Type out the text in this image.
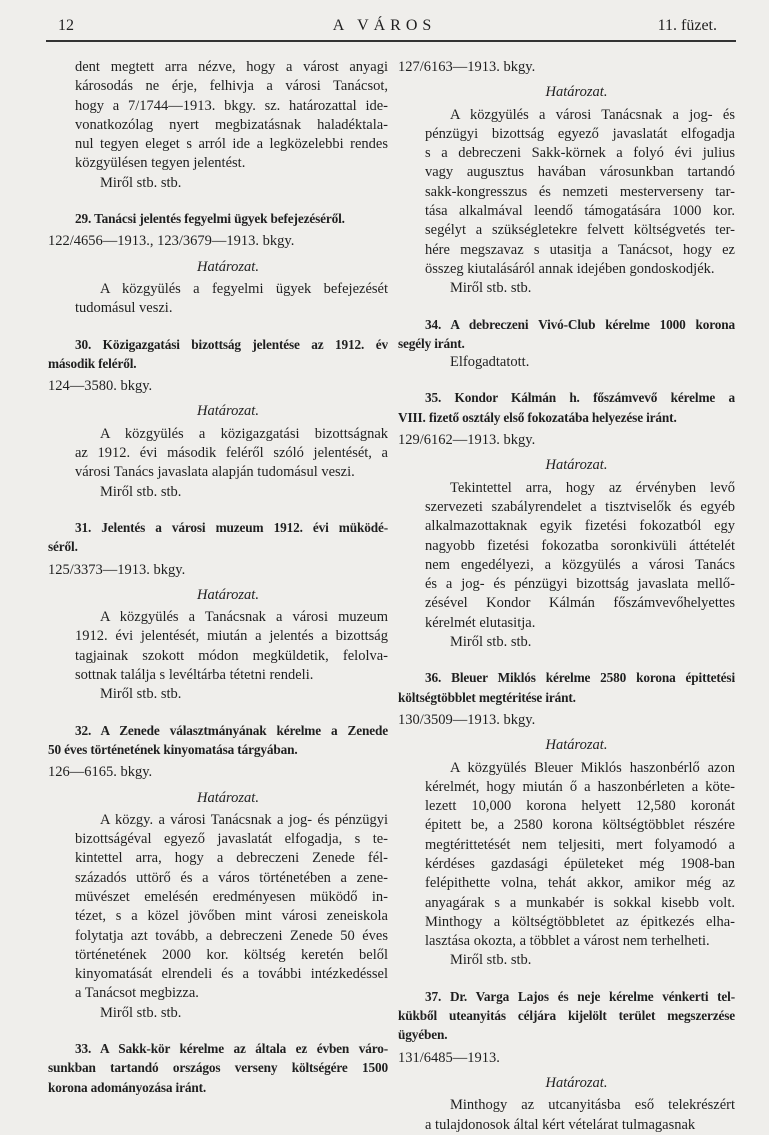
12	A VÁROS	11. füzet.
dent megtett arra nézve, hogy a várost anyagi
károsodás ne érje, felhivja a városi Tanácsot,
hogy a 7/1744—1913. bkgy. sz. határozattal ide-
vonatkozólag nyert megbizatásnak haladéktala-
nul tegyen eleget s arról ide a legközelebbi rendes
közgyülésen tegyen jelentést.
Miről stb. stb.
29. Tanácsi jelentés fegyelmi ügyek befejezéséről.
122/4656—1913., 123/3679—1913. bkgy.
Határozat.
A közgyülés a fegyelmi ügyek befejezését
tudomásul veszi.
30. Közigazgatási bizottság jelentése az 1912. év
második feléről.
124—3580. bkgy.
Határozat.
A közgyülés a közigazgatási bizottságnak
az 1912. évi második feléről szóló jelentését, a
városi Tanács javaslata alapján tudomásul veszi.
Miről stb. stb.
31. Jelentés a városi muzeum 1912. évi müködé-
séről.
125/3373—1913. bkgy.
Határozat.
A közgyülés a Tanácsnak a városi muzeum
1912. évi jelentését, miután a jelentés a bizottság
tagjainak szokott módon megküldetik, felolva-
sottnak találja s levéltárba tétetni rendeli.
Miről stb. stb.
32. A Zenede választmányának kérelme a Zenede
50 éves történetének kinyomatása tárgyában.
126—6165. bkgy.
Határozat.
A közgy. a városi Tanácsnak a jog- és pénzügyi
bizottságéval egyező javaslatát elfogadja, s te-
kintettel arra, hogy a debreczeni Zenede fél-
századós uttörő és a város történetében a zene-
müvészet emelésén eredményesen müködő in-
tézet, s a közel jövőben mint városi zeneiskola
folytatja azt tovább, a debreczeni Zenede 50 éves
történetének 2000 kor. költség keretén belől
kinyomatását elrendeli és a további intézkedéssel
a Tanácsot megbizza.
Miről stb. stb.
33. A Sakk-kör kérelme az általa ez évben váro-
sunkban tartandó országos verseny költségére 1500
korona adományozása iránt.
127/6163—1913. bkgy.
Határozat.
A közgyülés a városi Tanácsnak a jog- és
pénzügyi bizottság egyező javaslatát elfogadja
s a debreczeni Sakk-körnek a folyó évi julius
vagy augusztus havában városunkban tartandó
sakk-kongresszus és nemzeti mesterverseny tar-
tása alkalmával leendő támogatására 1000 kor.
segélyt a szükségletekre felvett költségvetés ter-
hére megszavaz s utasitja a Tanácsot, hogy ez
összeg kiutalásáról annak idejében gondoskodjék.
Miről stb. stb.
34. A debreczeni Vivó-Club kérelme 1000 korona
segély iránt.
Elfogadtatott.
35. Kondor Kálmán h. főszámvevő kérelme a
VIII. fizető osztály első fokozatába helyezése iránt.
129/6162—1913. bkgy.
Határozat.
Tekintettel arra, hogy az érvényben levő
szervezeti szabályrendelet a tisztviselők és egyéb
alkalmazottaknak egyik fizetési fokozatból egy
nagyobb fizetési fokozatba soronkivüli áttételét
nem engedélyezi, a közgyülés a városi Tanács
és a jog- és pénzügyi bizottság javaslata mellő-
zésével Kondor Kálmán főszámvevőhelyettes
kérelmét elutasitja.
Miről stb. stb.
36. Bleuer Miklós kérelme 2580 korona épittetési
költségtöbblet megtéritése iránt.
130/3509—1913. bkgy.
Határozat.
A közgyülés Bleuer Miklós haszonbérlő azon
kérelmét, hogy miután ő a haszonbérleten a köte-
lezett 10,000 korona helyett 12,580 koronát
épitett be, a 2580 korona költségtöbblet részére
megtérittetését nem teljesiti, mert folyamodó a
kérdéses gazdasági épületeket még 1908-ban
felépithette volna, tehát akkor, amikor még az
anyagárak s a munkabér is sokkal kisebb volt.
Minthogy a költségtöbbletet az épitkezés elha-
lasztása okozta, a többlet a várost nem terhelheti.
Miről stb. stb.
37. Dr. Varga Lajos és neje kérelme vénkerti tel-
kükből uteanyitás céljára kijelölt terület megszerzése
ügyében.
131/6485—1913.
Határozat.
Minthogy az utcanyitásba eső telekrészért
a tulajdonosok által kért vételárat tulmagasnak
